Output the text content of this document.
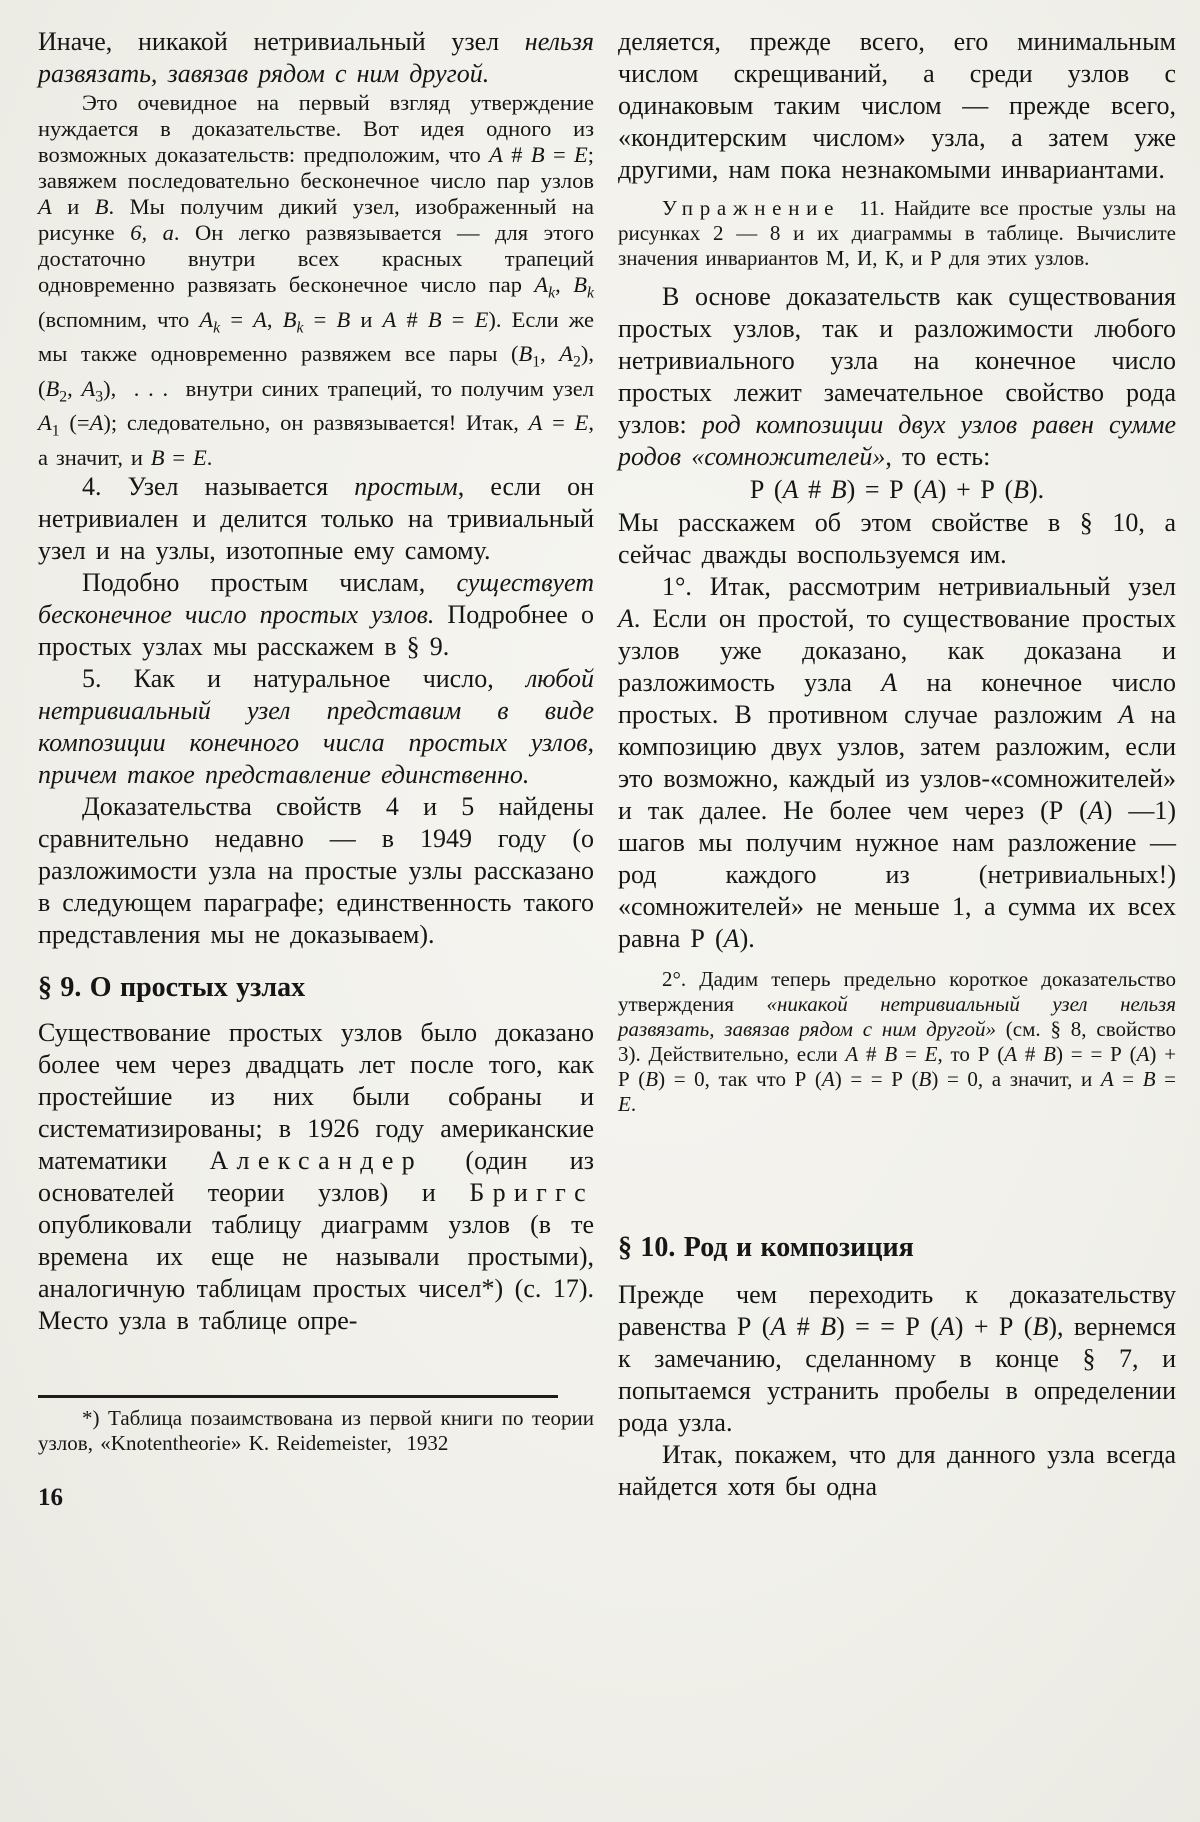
Иначе, никакой нетривиальный узел нельзя развязать, завязав рядом с ним другой.

Это очевидное на первый взгляд утверждение нуждается в доказательстве. Вот идея одного из возможных доказательств: предположим, что A # B = E; завяжем последовательно бесконечное число пар узлов A и B. Мы получим дикий узел, изображенный на рисунке 6, а. Он легко развязывается — для этого достаточно внутри всех красных трапеций одновременно развязать бесконечное число пар $A_k$, $B_k$ (вспомним, что $A_k = A$, $B_k = B$ и A # B = E). Если же мы также одновременно развяжем все пары ($B_1$, $A_2$), ($B_2$, $A_3$),  . . .  внутри синих трапеций, то получим узел $A_1$ (=A); следовательно, он развязывается! Итак, A = E, а значит, и B = E.

4. Узел называется простым, если он нетривиален и делится только на тривиальный узел и на узлы, изотопные ему самому.

Подобно простым числам, существует бесконечное число простых узлов. Подробнее о простых узлах мы расскажем в § 9.

5. Как и натуральное число, любой нетривиальный узел представим в виде композиции конечного числа простых узлов, причем такое представление единственно.

Доказательства свойств 4 и 5 найдены сравнительно недавно — в 1949 году (о разложимости узла на простые узлы рассказано в следующем параграфе; единственность такого представления мы не доказываем).

§ 9. О простых узлах

Существование простых узлов было доказано более чем через двадцать лет после того, как простейшие из них были собраны и систематизированы; в 1926 году американские математики Александер (один из основателей теории узлов) и Бриггс опубликовали таблицу диаграмм узлов (в те времена их еще не называли простыми), аналогичную таблицам простых чисел*) (с. 17). Место узла в таблице опре-

*) Таблица позаимствована из первой книги по теории узлов, «Knotentheorie» K. Reidemeister,  1932

16

деляется, прежде всего, его минимальным числом скрещиваний, а среди узлов с одинаковым таким числом — прежде всего, «кондитерским числом» узла, а затем уже другими, нам пока незнакомыми инвариантами.

Упражнение  11. Найдите все простые узлы на рисунках 2 — 8 и их диаграммы в таблице. Вычислите значения инвариантов М, И, К, и Р для этих узлов.

В основе доказательств как существования простых узлов, так и разложимости любого нетривиального узла на конечное число простых лежит замечательное свойство рода узлов: род композиции двух узлов равен сумме родов «сомножителей», то есть:

Р (A # B) = Р (A) + Р (B).

Мы расскажем об этом свойстве в § 10, а сейчас дважды воспользуемся им.

1°. Итак, рассмотрим нетривиальный узел A. Если он простой, то существование простых узлов уже доказано, как доказана и разложимость узла A на конечное число простых. В противном случае разложим A на композицию двух узлов, затем разложим, если это возможно, каждый из узлов-«сомножителей» и так далее. Не более чем через (Р (A) —1) шагов мы получим нужное нам разложение — род каждого из (нетривиальных!) «сомножителей» не меньше 1, а сумма их всех равна Р (A).

2°. Дадим теперь предельно короткое доказательство утверждения «никакой нетривиальный узел нельзя развязать, завязав рядом с ним другой» (см. § 8, свойство 3). Действительно, если A # B = E, то Р (A # B) = = Р (A) + Р (B) = 0, так что Р (A) = = Р (B) = 0, а значит, и A = B = E.

§ 10. Род и композиция

Прежде чем переходить к доказательству равенства Р (A # B) = = Р (A) + Р (B), вернемся к замечанию, сделанному в конце § 7, и попытаемся устранить пробелы в определении рода узла.

Итак, покажем, что для данного узла всегда найдется хотя бы одна
